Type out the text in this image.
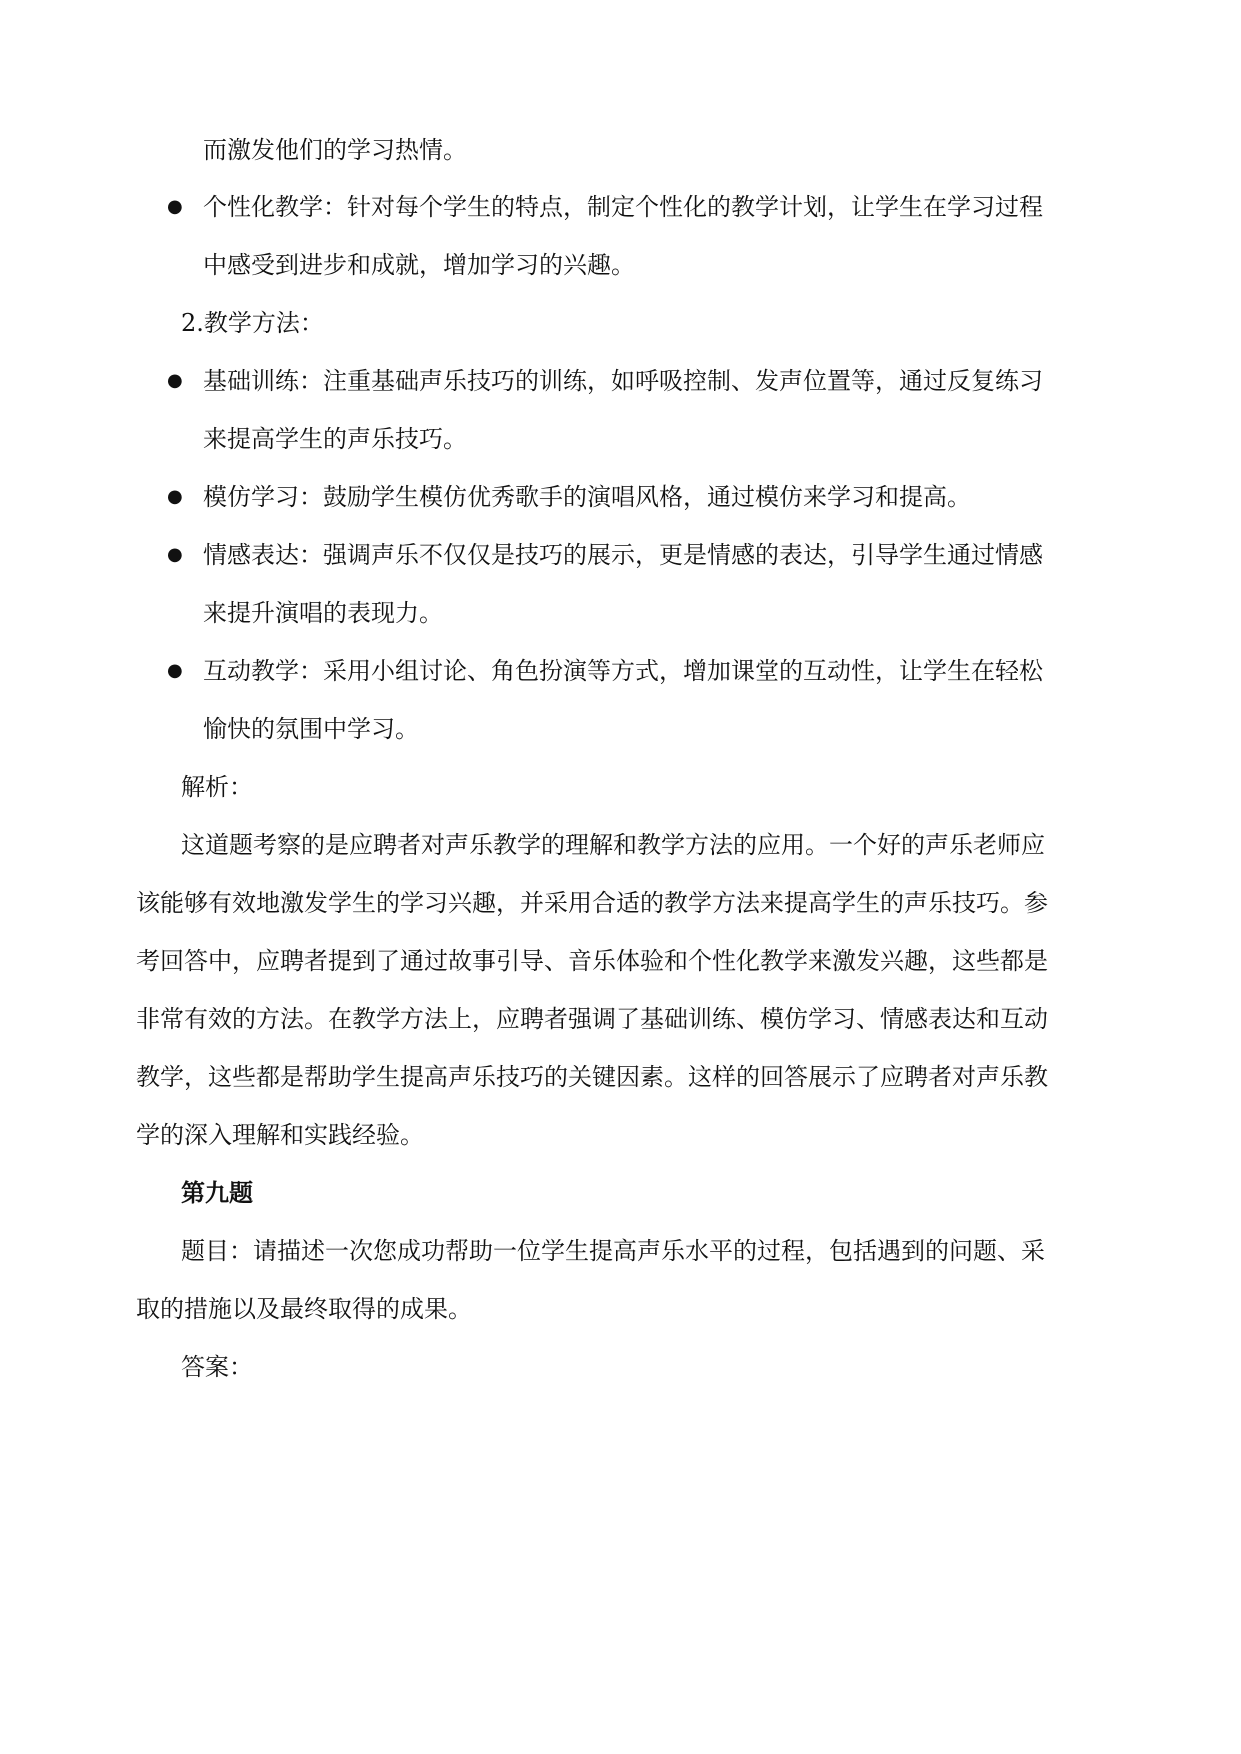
而激发他们的学习热情。
● 个性化教学：针对每个学生的特点，制定个性化的教学计划，让学生在学习过程
中感受到进步和成就，增加学习的兴趣。
2.教学方法：
● 基础训练：注重基础声乐技巧的训练，如呼吸控制、发声位置等，通过反复练习
来提高学生的声乐技巧。
● 模仿学习：鼓励学生模仿优秀歌手的演唱风格，通过模仿来学习和提高。
● 情感表达：强调声乐不仅仅是技巧的展示，更是情感的表达，引导学生通过情感
来提升演唱的表现力。
● 互动教学：采用小组讨论、角色扮演等方式，增加课堂的互动性，让学生在轻松
愉快的氛围中学习。
解析：
这道题考察的是应聘者对声乐教学的理解和教学方法的应用。一个好的声乐老师应
该能够有效地激发学生的学习兴趣，并采用合适的教学方法来提高学生的声乐技巧。参
考回答中，应聘者提到了通过故事引导、音乐体验和个性化教学来激发兴趣，这些都是
非常有效的方法。在教学方法上，应聘者强调了基础训练、模仿学习、情感表达和互动
教学，这些都是帮助学生提高声乐技巧的关键因素。这样的回答展示了应聘者对声乐教
学的深入理解和实践经验。
第九题
题目：请描述一次您成功帮助一位学生提高声乐水平的过程，包括遇到的问题、采
取的措施以及最终取得的成果。
答案：
